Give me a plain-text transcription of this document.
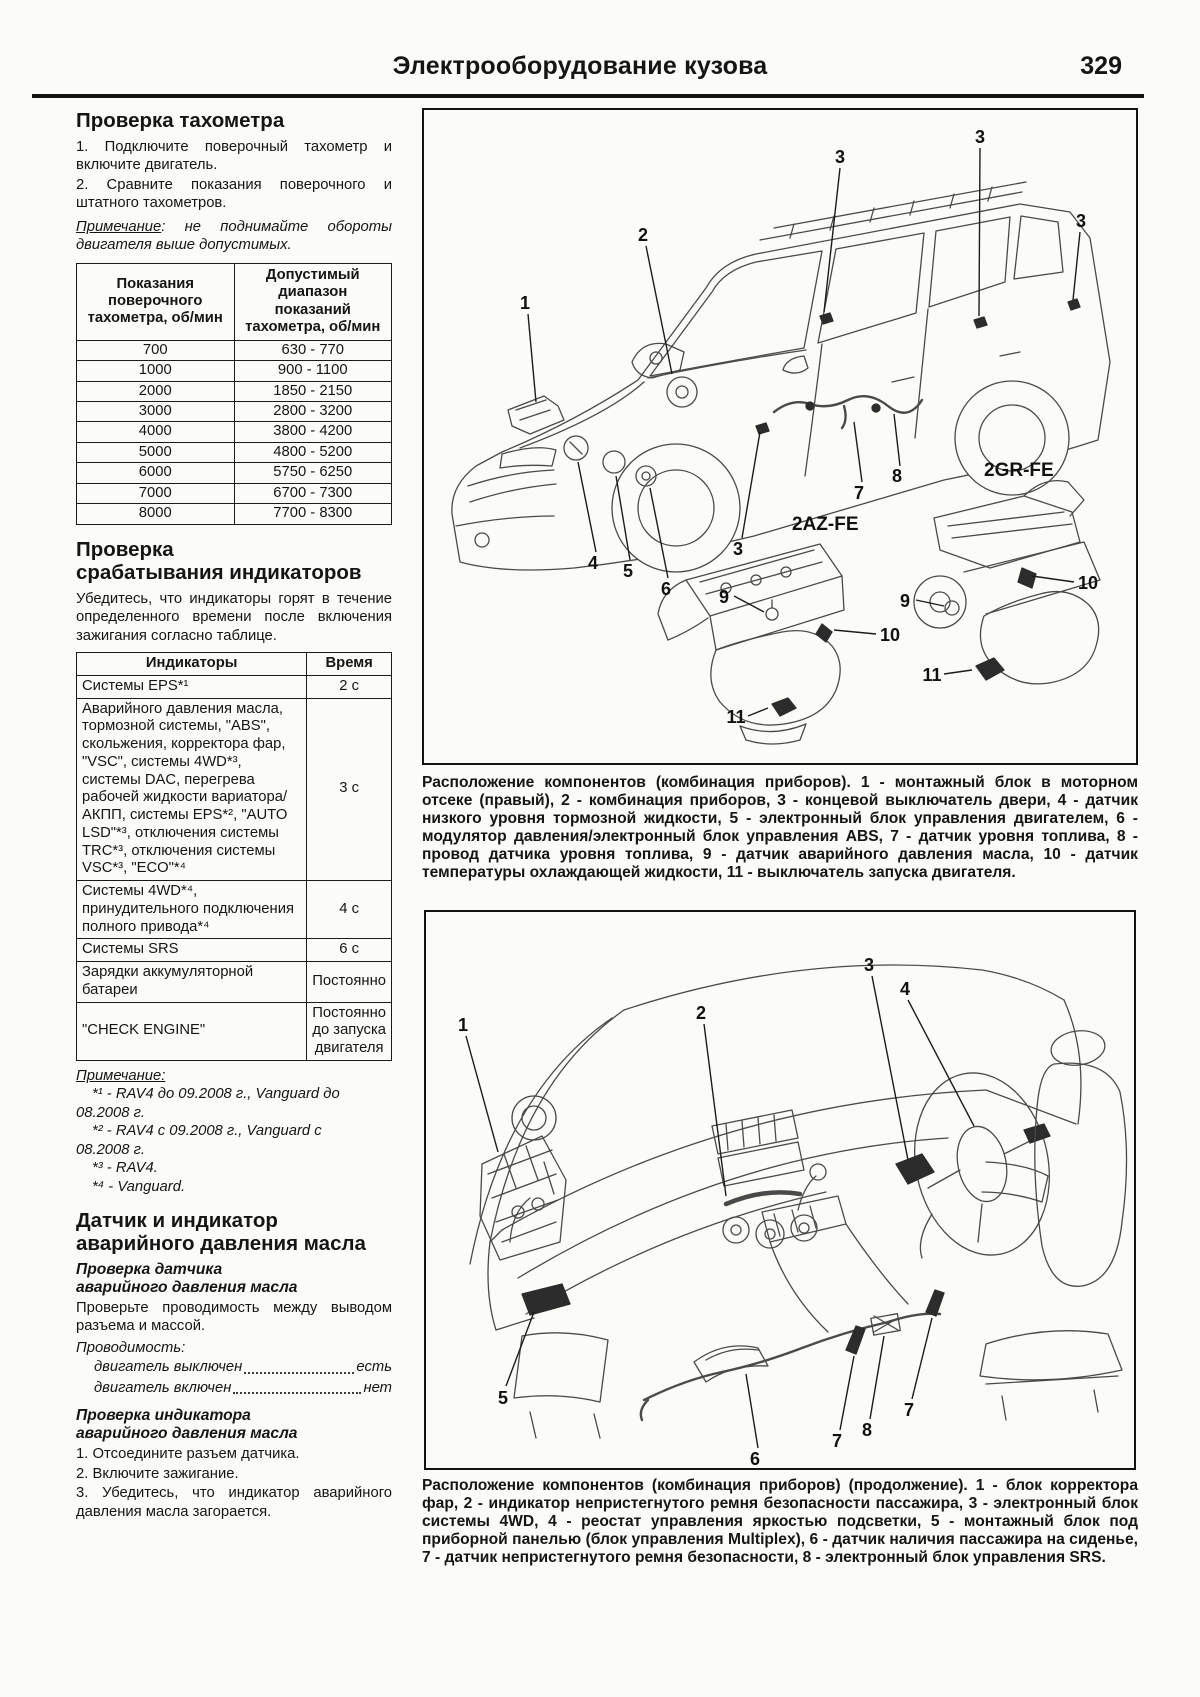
Электрооборудование кузова	329
Проверка тахометра

1. Подключите поверочный тахометр и включите двигатель.

2. Сравните показания поверочного и штатного тахометров.

Примечание: не поднимайте обороты двигателя выше допустимых.

Показания поверочного тахометра, об/мин	Допустимый диапазон показаний тахометра, об/мин
700	630 - 770
1000	900 - 1100
2000	1850 - 2150
3000	2800 - 3200
4000	3800 - 4200
5000	4800 - 5200
6000	5750 - 6250
7000	6700 - 7300
8000	7700 - 8300
Проверка
срабатывания индикаторов

Убедитесь, что индикаторы горят в течение определенного времени после включения зажигания согласно таблице.

Индикаторы	Время
Системы EPS*¹	2 с
Аварийного давления масла, тормозной системы, "ABS", скольжения, корректора фар, "VSC", системы 4WD*³, системы DAC, перегрева рабочей жидкости вариатора/АКПП, системы EPS*², "AUTO LSD"*³, отключения системы TRC*³, отключения системы VSC*³, "ECO"*⁴	3 с
Системы 4WD*⁴, принудительного подключения полного привода*⁴	4 с
Системы SRS	6 с
Зарядки аккумуляторной батареи	Постоянно
"CHECK ENGINE"	Постоянно до запуска двигателя

Примечание:

*¹ - RAV4 до 09.2008 г., Vanguard до

08.2008 г.

*² - RAV4 с 09.2008 г., Vanguard с

08.2008 г.

*³ - RAV4.

*⁴ - Vanguard.

Датчик и индикатор
аварийного давления масла
Проверка датчика
аварийного давления масла

Проверьте проводимость между выводом разъема и массой.

Проводимость:

двигатель выключен	есть
двигатель включен	нет
Проверка индикатора
аварийного давления масла

1. Отсоедините разъем датчика.

2. Включите зажигание.

3. Убедитесь, что индикатор аварийного давления масла загорается.

1
2
3
3
3
3
4 5
6
7
8
9
10
11
9
10
11
2AZ-FE
2GR-FE
Расположение компонентов (комбинация приборов). 1 - монтажный блок в моторном отсеке (правый), 2 - комбинация приборов, 3 - концевой выключатель двери, 4 - датчик низкого уровня тормозной жидкости, 5 - электронный блок управления двигателем, 6 - модулятор давления/электронный блок управления ABS, 7 - датчик уровня топлива, 8 - провод датчика уровня топлива, 9 - датчик аварийного давления масла, 10 - датчик температуры охлаждающей жидкости, 11 - выключатель запуска двигателя.
1
2
3
4
5
6
7
8
7
Расположение компонентов (комбинация приборов) (продолжение). 1 - блок корректора фар, 2 - индикатор непристегнутого ремня безопасности пассажира, 3 - электронный блок системы 4WD, 4 - реостат управления яркостью подсветки, 5 - монтажный блок под приборной панелью (блок управления Multiplex), 6 - датчик наличия пассажира на сиденье, 7 - датчик непристегнутого ремня безопасности, 8 - электронный блок управления SRS.
